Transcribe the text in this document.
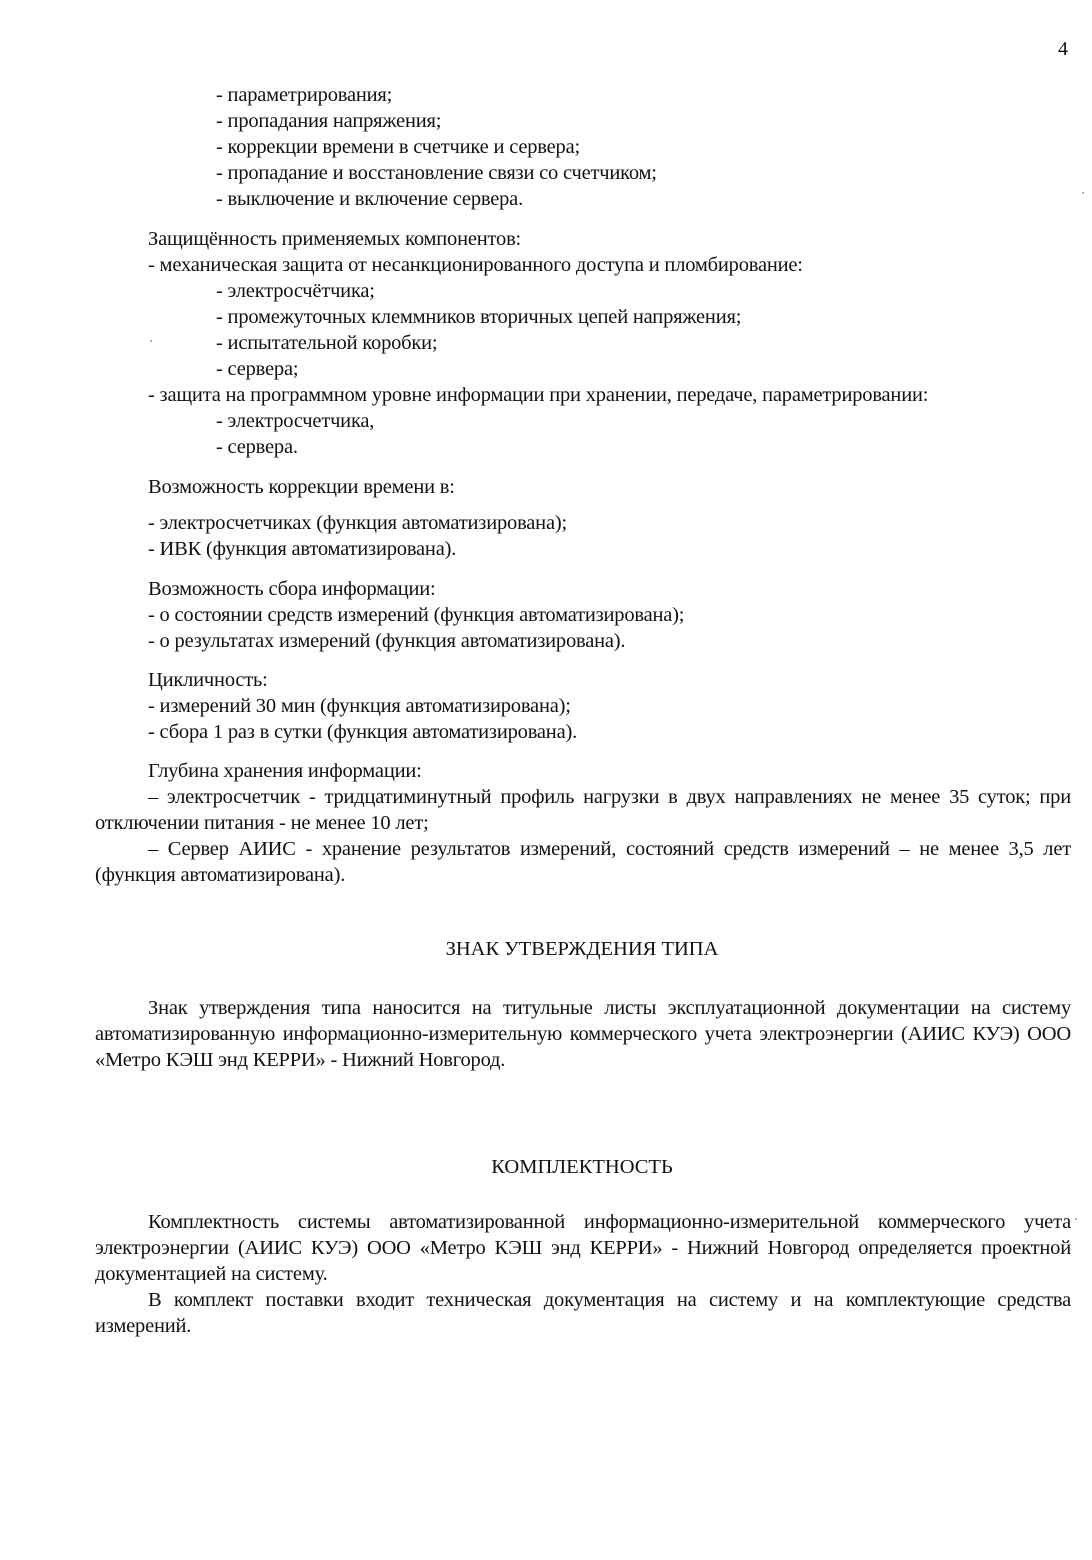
4
- параметрирования;
- пропадания напряжения;
- коррекции времени в счетчике и сервера;
- пропадание и восстановление связи со счетчиком;
- выключение и включение сервера.
Защищённость применяемых компонентов:
- механическая защита от несанкционированного доступа и пломбирование:
- электросчётчика;
- промежуточных клеммников вторичных цепей напряжения;
- испытательной коробки;
- сервера;
- защита на программном уровне информации при хранении, передаче, параметрировании:
- электросчетчика,
- сервера.
Возможность коррекции времени в:
- электросчетчиках (функция автоматизирована);
- ИВК (функция автоматизирована).
Возможность сбора информации:
- о состоянии средств измерений (функция автоматизирована);
- о результатах измерений (функция автоматизирована).
Цикличность:
- измерений 30 мин (функция автоматизирована);
- сбора 1 раз в сутки (функция автоматизирована).
Глубина хранения информации:
– электросчетчик - тридцатиминутный профиль нагрузки в двух направлениях не менее 35 суток; при отключении питания - не менее 10 лет;
– Сервер АИИС - хранение результатов измерений, состояний средств измерений – не менее 3,5 лет (функция автоматизирована).
ЗНАК УТВЕРЖДЕНИЯ ТИПА
Знак утверждения типа наносится на титульные листы эксплуатационной документации на систему автоматизированную информационно-измерительную коммерческого учета электроэнергии (АИИС КУЭ) ООО «Метро КЭШ энд КЕРРИ» - Нижний Новгород.
КОМПЛЕКТНОСТЬ
Комплектность системы автоматизированной информационно-измерительной коммерческого учета электроэнергии (АИИС КУЭ) ООО «Метро КЭШ энд КЕРРИ» - Нижний Новгород определяется проектной документацией на систему.
В комплект поставки входит техническая документация на систему и на комплектующие средства измерений.
